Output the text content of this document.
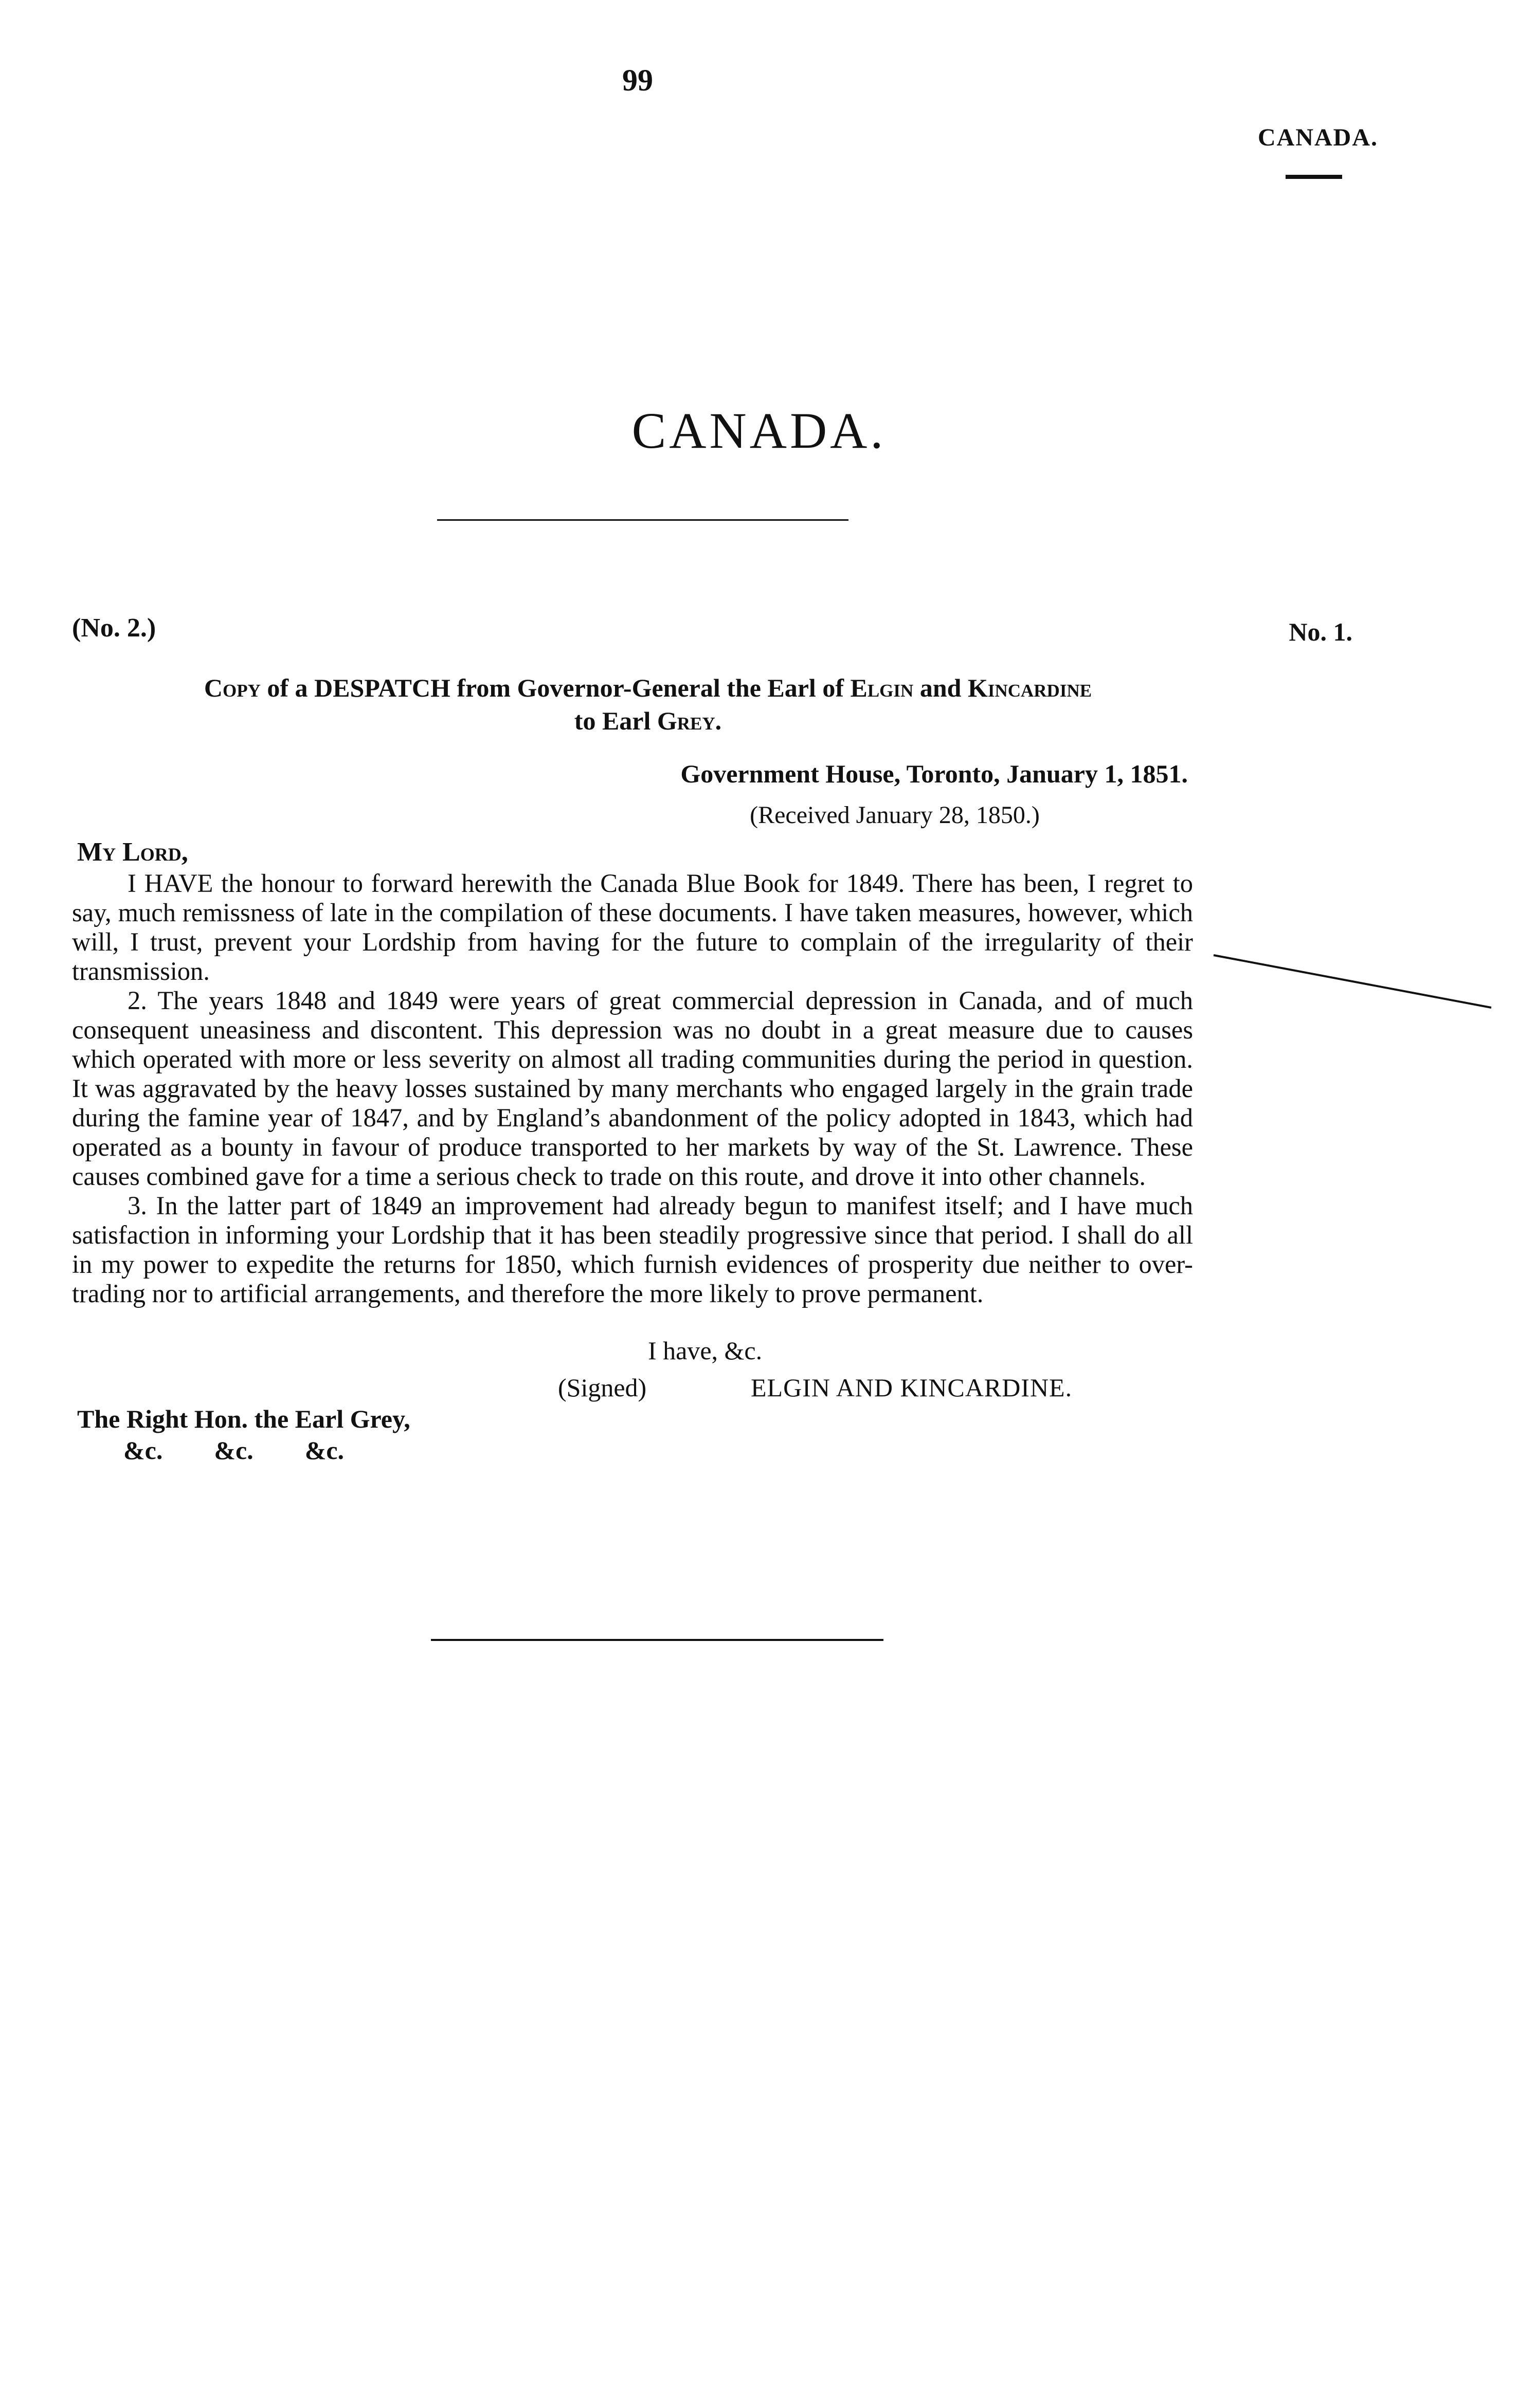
99
CANADA.
CANADA.
(No. 2.)	No. 1.
Copy of a DESPATCH from Governor-General the Earl of Elgin and Kincardine
to Earl Grey.
Government House, Toronto, January 1, 1851.
(Received January 28, 1850.)
My Lord,

I HAVE the honour to forward herewith the Canada Blue Book for 1849. There has been, I regret to say, much remissness of late in the compilation of these documents. I have taken measures, however, which will, I trust, prevent your Lordship from having for the future to complain of the irregularity of their transmission.

2. The years 1848 and 1849 were years of great commercial depression in Canada, and of much consequent uneasiness and discontent. This depression was no doubt in a great measure due to causes which operated with more or less severity on almost all trading communities during the period in question. It was aggravated by the heavy losses sustained by many merchants who engaged largely in the grain trade during the famine year of 1847, and by England’s abandonment of the policy adopted in 1843, which had operated as a bounty in favour of produce transported to her markets by way of the St. Lawrence. These causes combined gave for a time a serious check to trade on this route, and drove it into other channels.

3. In the latter part of 1849 an improvement had already begun to manifest itself; and I have much satisfaction in informing your Lordship that it has been steadily progressive since that period. I shall do all in my power to expedite the returns for 1850, which furnish evidences of prosperity due neither to over-trading nor to artificial arrangements, and therefore the more likely to prove permanent.

I have, &c.
(Signed)	ELGIN AND KINCARDINE.
The Right Hon. the Earl Grey,
&c. &c. &c.
